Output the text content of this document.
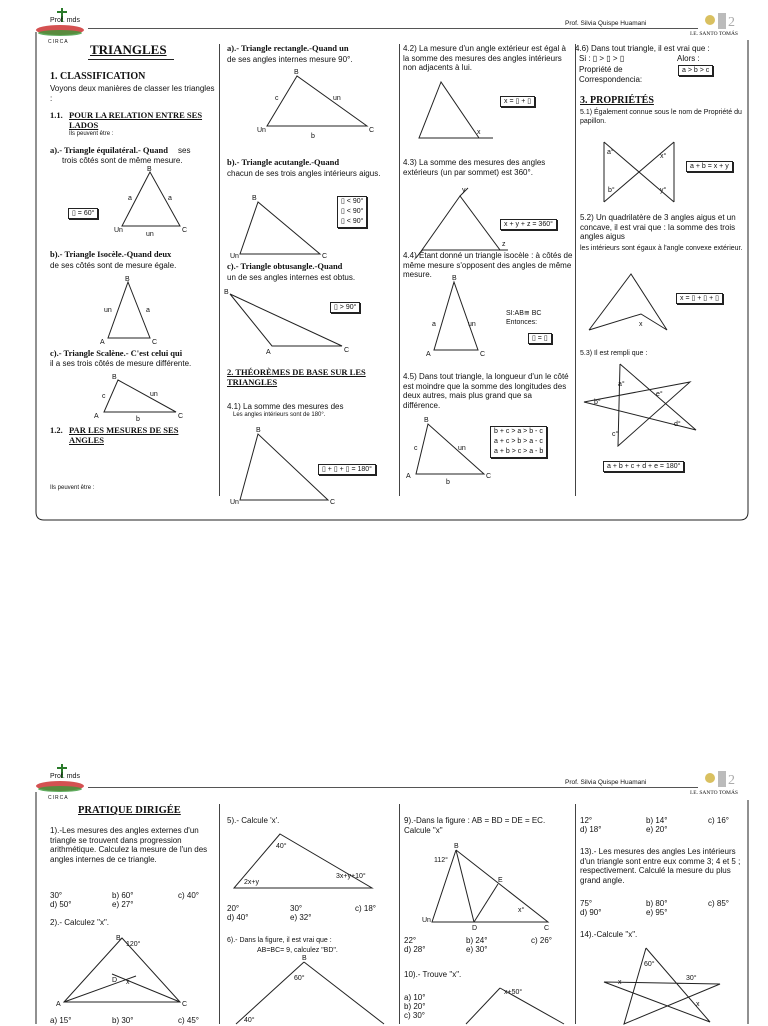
Prof. mds
CIRCA
Prof. Silvia Quispe Huamani	2
I.E. SANTO TOMÁS
TRIANGLES
1. CLASSIFICATION
Voyons deux manières de classer les triangles :
1.1. POUR LA RELATION ENTRE SES LADOS
Ils peuvent être :
a).- Triangle équilatéral.- Quand ses
trois côtés sont de même mesure.
▯ = 60°
B
Un	C
a	a
un
b).- Triangle Isocèle.-Quand deux
de ses côtés sont de mesure égale.
B
A	C
un	a
c).- Triangle Scalène.- C'est celui qui
il a ses trois côtés de mesure différente.
B
A	C
c	un
b
1.2. PAR LES MESURES DE SES ANGLES
Ils peuvent être :
a).- Triangle rectangle.-Quand un
de ses angles internes mesure 90°.
B
Un	C
c	un
b
b).- Triangle acutangle.-Quand
chacun de ses trois angles intérieurs aigus.
B
Un	C
▯ < 90°
▯ < 90°
▯ < 90°
c).- Triangle obtusangle.-Quand
un de ses angles internes est obtus.
B
A	C
▯ > 90°
2. THÉORÈMES DE BASE SUR LES TRIANGLES
4.1) La somme des mesures des
Les angles intérieurs sont de 180°.
B
Un	C
▯ + ▯ + ▯ = 180°
4.2) La mesure d'un angle extérieur est égal à la somme des mesures des angles intérieurs non adjacents à lui.
x
x = ▯ + ▯
4.3) La somme des mesures des angles extérieurs (un par sommet) est 360°.
y
z
x + y + z = 360°
4.4) Étant donné un triangle isocèle : à côtés de même mesure s'opposent des angles de même mesure.	B
A	C
a	un
SI:AB≅ BC
Entonces:
▯ = ▯
4.5) Dans tout triangle, la longueur d'un le côté est moindre que la somme des longitudes des deux autres, mais plus grand que sa différence.
B
A	C
c	un
b
b + c > a > b - c
a + c > b > a - c
a + b > c > a - b
4.6) Dans tout triangle, il est vrai que :
Si : ▯ > ▯ > ▯	Alors :
Propriété de
Correspondencia:
a > b > c
3. PROPRIÉTÉS
5.1) Également connue sous le nom de Propriété du papillon.
a°
x°
b°	y°
a + b = x + y
5.2) Un quadrilatère de 3 angles aigus et un concave, il est vrai que : la somme des trois angles aigus
les intérieurs sont égaux à l'angle convexe extérieur.
x
x = ▯ + ▯ + ▯
5.3) Il est rempli que :
a°
b°
c°
d°
e°
a + b + c + d + e = 180°
Prof. mds
CIRCA
Prof. Silvia Quispe Huamani	2
I.E. SANTO TOMÁS
PRATIQUE DIRIGÉE
1).-Les mesures des angles externes d'un triangle se trouvent dans progression arithmétique. Calculez la mesure de l'un des angles internes de ce triangle.
30°	b) 60°	c) 40°
d) 50°	e) 27°
2).- Calculez "x".
B
A	C
120°
D x
a) 15°	b) 30°	c) 45°
5).- Calcule 'x'.
40°
2x+y
3x+y+10°
20°	30°	c) 18°
d) 40°	e) 32°
6).- Dans la figure, il est vrai que :
AB=BC= 9, calculez "BD".
B
60°
40°
9).-Dans la figure : AB = BD = DE = EC. Calcule "x"
B
112°
Un
D
E
C
x°
22°	b) 24°	c) 26°
d) 28°	e) 30°
10).- Trouve "x".
x+50°
a) 10°
b) 20°
c) 30°
12°	b) 14°	c) 16°
d) 18°	e) 20°
13).- Les mesures des angles Les intérieurs d'un triangle sont entre eux comme 3; 4 et 5 ; respectivement. Calculé la mesure du plus grand angle.
75°	b) 80°	c) 85°
d) 90°	e) 95°
14).-Calcule "x".
60°
30°
x
x
